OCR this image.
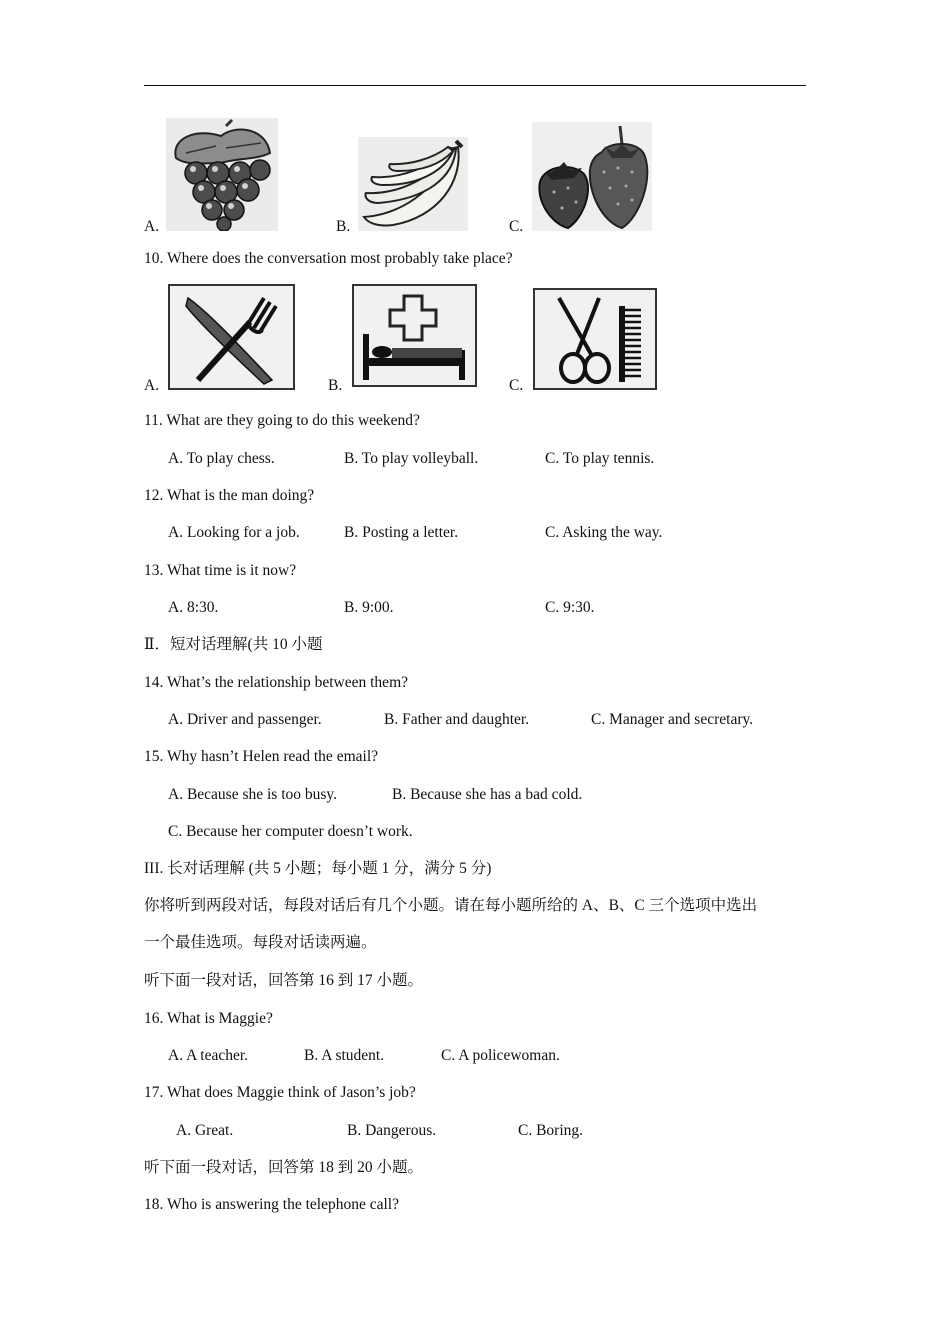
A.	B.	C.
10. Where does the conversation most probably take place?
A.	B.	C.
11. What are they going to do this weekend?
A. To play chess.	B. To play volleyball.	C. To play tennis.
12. What is the man doing?
A. Looking for a job.	B. Posting a letter.	C. Asking the way.
13. What time is it now?
A. 8:30.	B. 9:00.	C. 9:30.
Ⅱ．短对话理解(共 10 小题
14. What’s the relationship between them?
A. Driver and passenger.	B. Father and daughter.	C. Manager and secretary.
15. Why hasn’t Helen read the email?
A. Because she is too busy.	B. Because she has a bad cold.
C. Because her computer doesn’t work.
III. 长对话理解 (共 5 小题；每小题 1 分，满分 5 分)
你将听到两段对话，每段对话后有几个小题。请在每小题所给的 A、B、C 三个选项中选出
一个最佳选项。每段对话读两遍。
听下面一段对话，回答第 16 到 17 小题。
16. What is Maggie?
A. A teacher.	B. A student.	C. A policewoman.
17. What does Maggie think of Jason’s job?
A. Great.	B. Dangerous.	C. Boring.
听下面一段对话，回答第 18 到 20 小题。
18. Who is answering the telephone call?
